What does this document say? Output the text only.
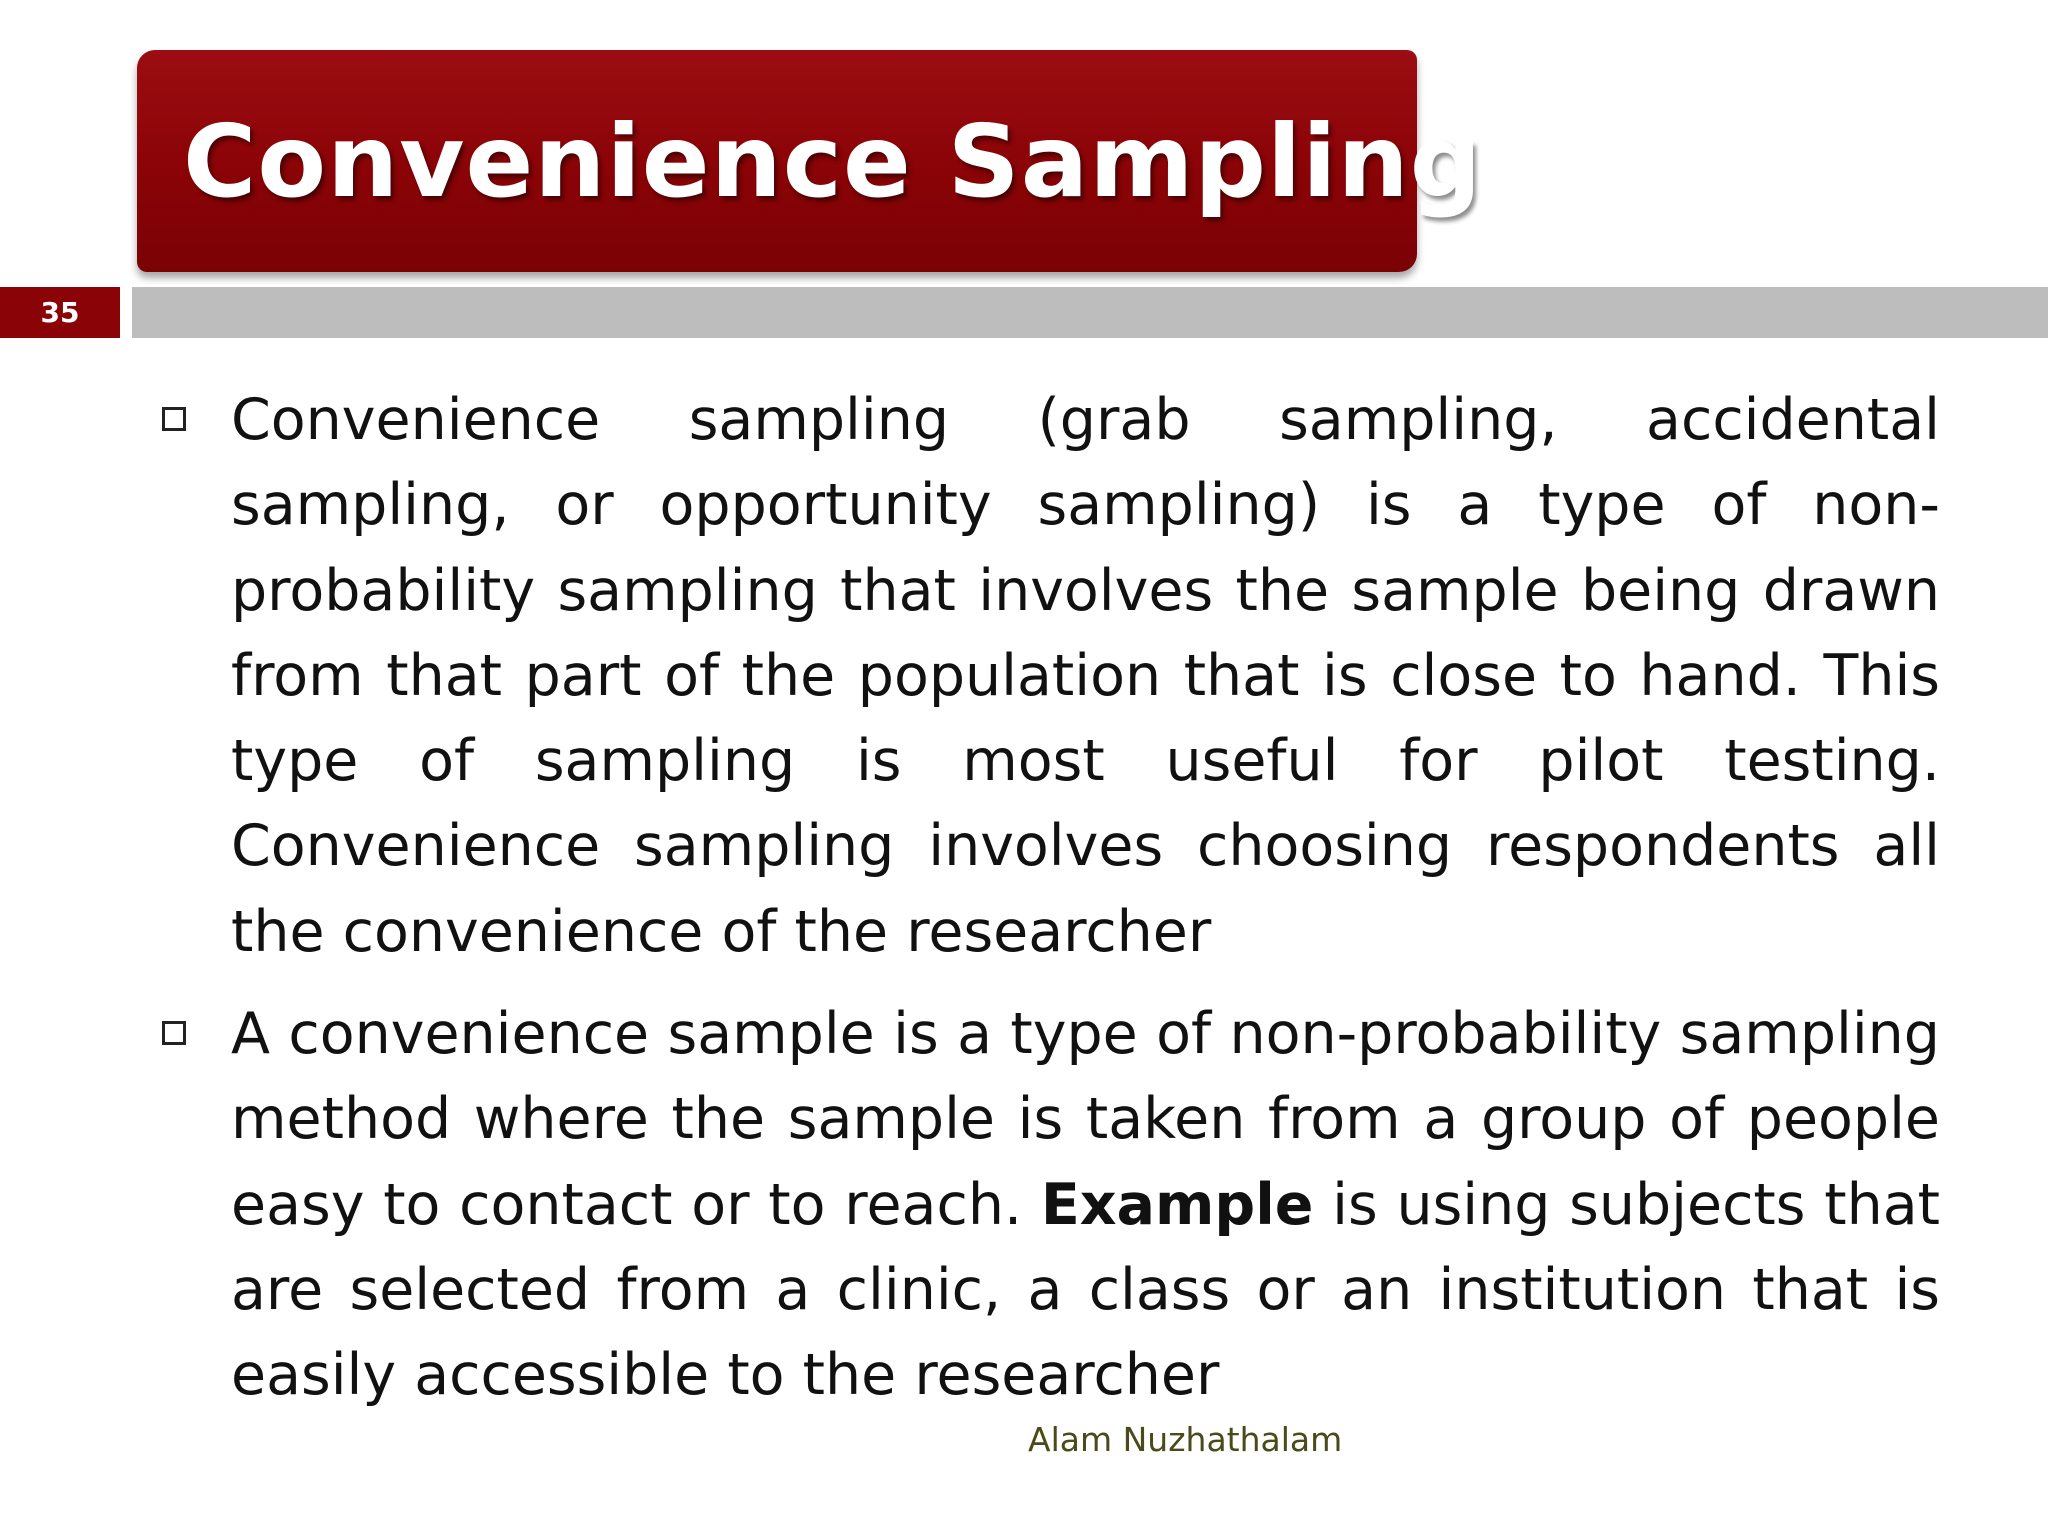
Convenience Sampling
35

Convenience sampling (grab sampling, accidental sampling, or opportunity sampling) is a type of non-probability sampling that involves the sample being drawn from that part of the population that is close to hand. This type of sampling is most useful for pilot testing. Convenience sampling involves choosing respondents all the convenience of the researcher

A convenience sample is a type of non-probability sampling method where the sample is taken from a group of people easy to contact or to reach. Example is using subjects that are selected from a clinic, a class or an institution that is easily accessible to the researcher

Alam Nuzhathalam
